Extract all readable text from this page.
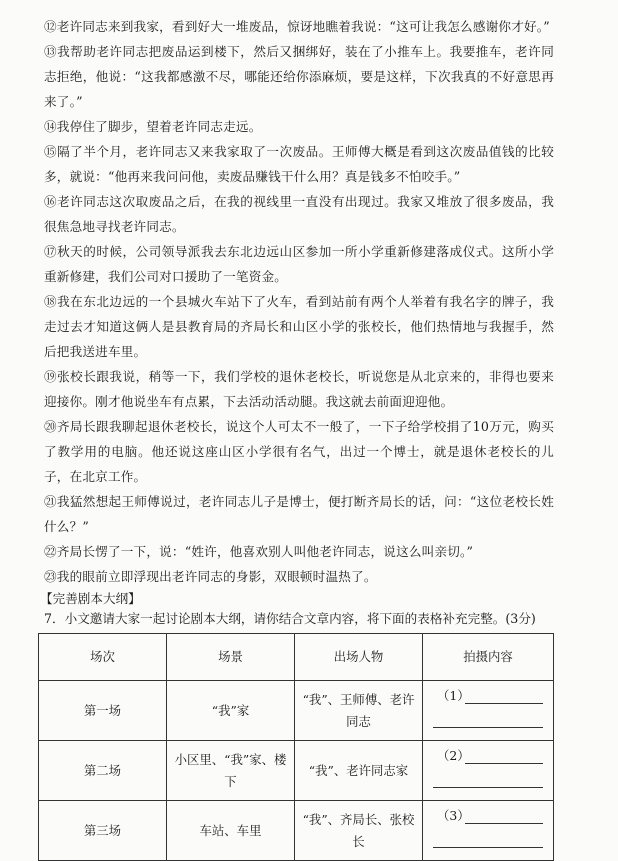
⑫老许同志来到我家，看到好大一堆废品，惊讶地瞧着我说：“这可让我怎么感谢你才好。”

⑬我帮助老许同志把废品运到楼下，然后又捆绑好，装在了小推车上。我要推车，老许同志拒绝，他说：“这我都感激不尽，哪能还给你添麻烦，要是这样，下次我真的不好意思再来了。”

⑭我停住了脚步，望着老许同志走远。

⑮隔了半个月，老许同志又来我家取了一次废品。王师傅大概是看到这次废品值钱的比较多，就说：“他再来我问问他，卖废品赚钱干什么用？真是钱多不怕咬手。”

⑯老许同志这次取废品之后，在我的视线里一直没有出现过。我家又堆放了很多废品，我很焦急地寻找老许同志。

⑰秋天的时候，公司领导派我去东北边远山区参加一所小学重新修建落成仪式。这所小学重新修建，我们公司对口援助了一笔资金。

⑱我在东北边远的一个县城火车站下了火车，看到站前有两个人举着有我名字的牌子，我走过去才知道这俩人是县教育局的齐局长和山区小学的张校长，他们热情地与我握手，然后把我送进车里。

⑲张校长跟我说，稍等一下，我们学校的退休老校长，听说您是从北京来的，非得也要来迎接你。刚才他说坐车有点累，下去活动活动腿。我这就去前面迎迎他。

⑳齐局长跟我聊起退休老校长，说这个人可太不一般了，一下子给学校捐了10万元，购买了教学用的电脑。他还说这座山区小学很有名气，出过一个博士，就是退休老校长的儿子，在北京工作。

㉑我猛然想起王师傅说过，老许同志儿子是博士，便打断齐局长的话，问：“这位老校长姓什么？”

㉒齐局长愣了一下，说：“姓许，他喜欢别人叫他老许同志，说这么叫亲切。”

㉓我的眼前立即浮现出老许同志的身影，双眼顿时温热了。

【完善剧本大纲】
7．小文邀请大家一起讨论剧本大纲，请你结合文章内容，将下面的表格补充完整。(3分)
场次	场景	出场人物	拍摄内容
第一场	“我”家	“我”、王师傅、老许同志	（1）

第二场	小区里、“我”家、楼下	“我”、老许同志家	（2）

第三场	车站、车里	“我”、齐局长、张校长	（3）
